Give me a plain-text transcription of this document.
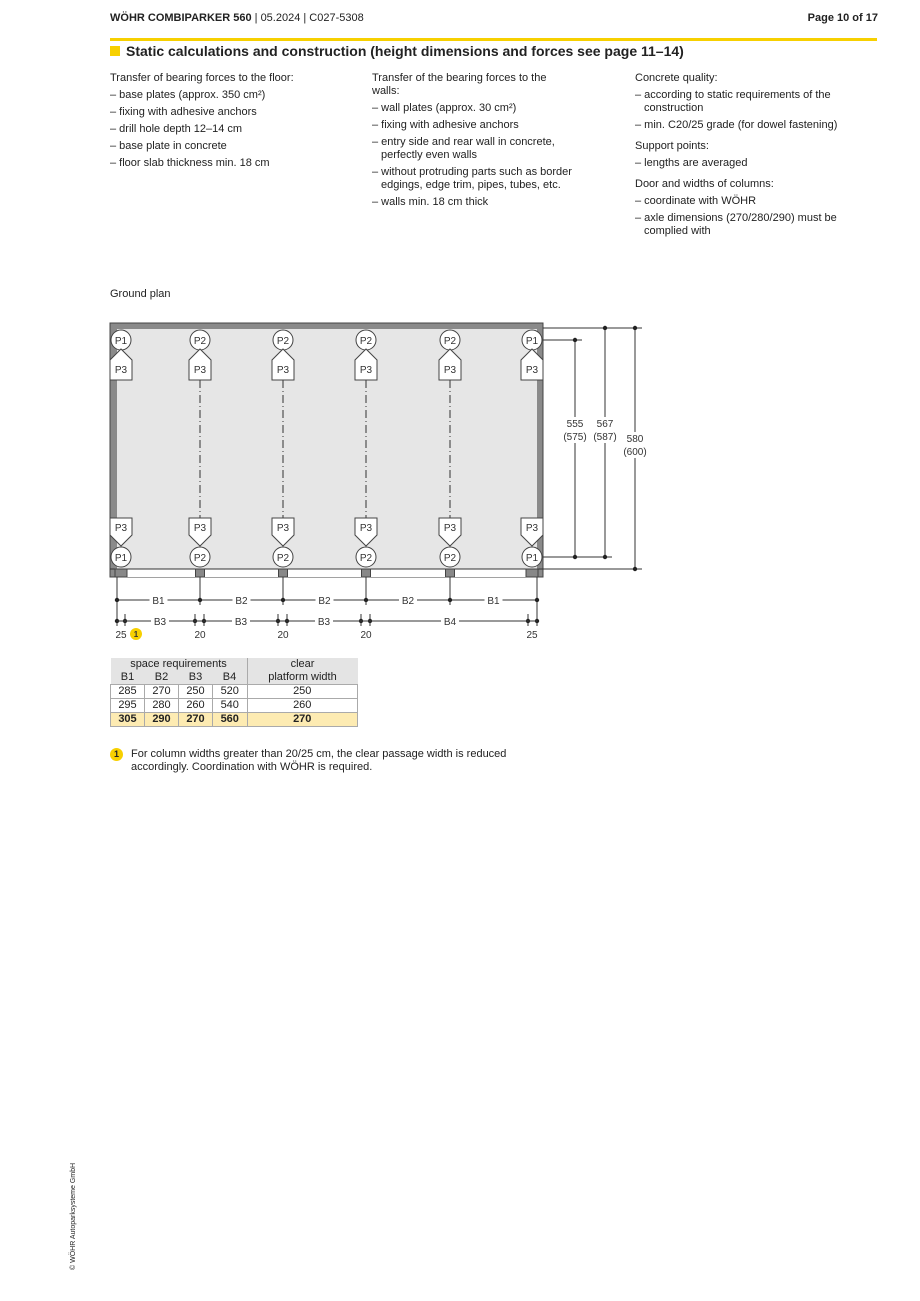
WÖHR COMBIPARKER 560 | 05.2024 | C027-5308	Page 10 of 17
Static calculations and construction (height dimensions and forces see page 11–14)

Transfer of bearing forces to the floor:

– base plates (approx. 350 cm²)
– fixing with adhesive anchors
– drill hole depth 12–14 cm
– base plate in concrete
– floor slab thickness min. 18 cm

Transfer of the bearing forces to the walls:

– wall plates (approx. 30 cm²)
– fixing with adhesive anchors
– entry side and rear wall in concrete, perfectly even walls
– without protruding parts such as border edgings, edge trim, pipes, tubes, etc.
– walls min. 18 cm thick

Concrete quality:

– according to static requirements of the construction
– min. C20/25 grade (for dowel fastening)

Support points:

– lengths are averaged

Door and widths of columns:

– coordinate with WÖHR
– axle dimensions (270/280/290) must be complied with
Ground plan
P1
P3
P3
P1
P2
P3
P3
P2
P2
P3
P3
P2
P2
P3
P3
P2
P2
P3
P3
P2
P1
P3
P3
P1
555
(575)
567
(587) 580
(600)
B1	B2	B2	B2	B1
B3	B3	B3	B4
25	20	20	20	25
1
space requirements				clear
B1	B2	B3	B4	platform width
285	270	250	520	250
295	280	260	540	260
305	290	270	560	270
1 For column widths greater than 20/25 cm, the clear passage width is reduced accordingly. Coordination with WÖHR is required.
© WÖHR Autoparksysteme GmbH
